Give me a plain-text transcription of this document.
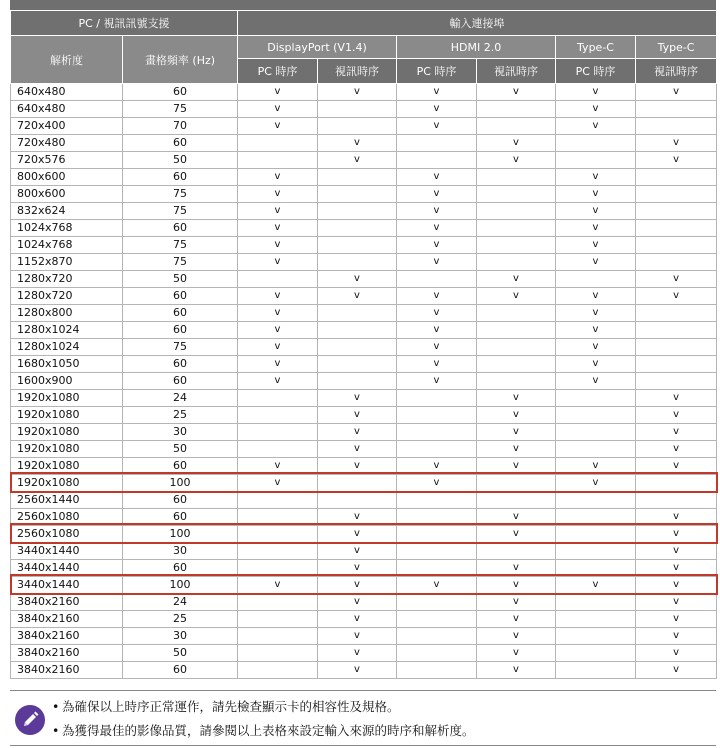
PC / 視訊訊號支援		輸入連接埠					
解析度	畫格頻率 (Hz)	DisplayPort (V1.4)		HDMI 2.0		Type-C	Type-C
		PC 時序	視訊時序	PC 時序	視訊時序	PC 時序	視訊時序
640x480	60	v	v	v	v	v	v
640x480	75	v		v		v	
720x400	70	v		v		v	
720x480	60		v		v		v
720x576	50		v		v		v
800x600	60	v		v		v	
800x600	75	v		v		v	
832x624	75	v		v		v	
1024x768	60	v		v		v	
1024x768	75	v		v		v	
1152x870	75	v		v		v	
1280x720	50		v		v		v
1280x720	60	v	v	v	v	v	v
1280x800	60	v		v		v	
1280x1024	60	v		v		v	
1280x1024	75	v		v		v	
1680x1050	60	v		v		v	
1600x900	60	v		v		v	
1920x1080	24		v		v		v
1920x1080	25		v		v		v
1920x1080	30		v		v		v
1920x1080	50		v		v		v
1920x1080	60	v	v	v	v	v	v
1920x1080	100	v		v		v	
2560x1440	60						
2560x1080	60		v		v		v
2560x1080	100		v		v		v
3440x1440	30		v				v
3440x1440	60		v		v		v
3440x1440	100	v	v	v	v	v	v
3840x2160	24		v		v		v
3840x2160	25		v		v		v
3840x2160	30		v		v		v
3840x2160	50		v		v		v
3840x2160	60		v		v		v
• 為確保以上時序正常運作，請先檢查顯示卡的相容性及規格。
• 為獲得最佳的影像品質，請參閱以上表格來設定輸入來源的時序和解析度。
